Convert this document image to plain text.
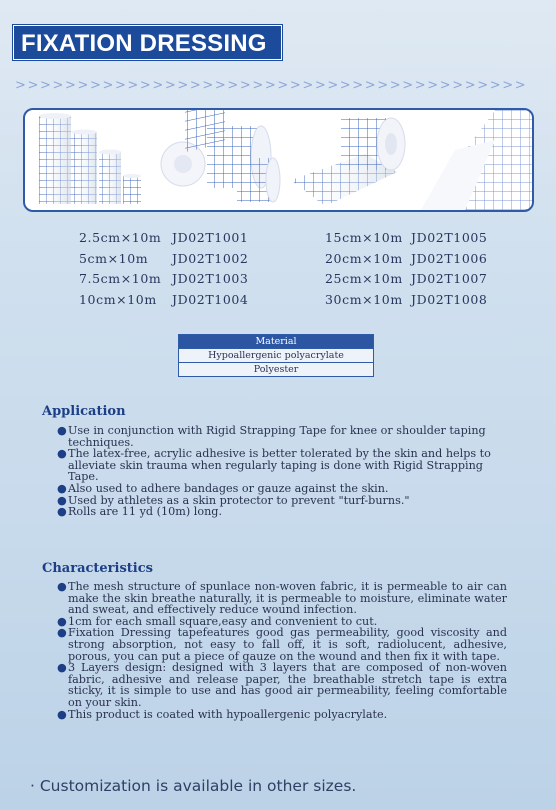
FIXATION DRESSING
>>>>>>>>>>>>>>>>>>>>>>>>>>>>>>>>>>>>>>>>>
2.5cm×10m JD02T1001
5cm×10m JD02T1002
7.5cm×10m JD02T1003
10cm×10m JD02T1004
15cm×10m JD02T1005
20cm×10m JD02T1006
25cm×10m JD02T1007
30cm×10m JD02T1008
Material
Hypoallergenic polyacrylate
Polyester
Application
● Use in conjunction with Rigid Strapping Tape for knee or shoulder taping techniques.
● The latex-free, acrylic adhesive is better tolerated by the skin and helps to alleviate skin trauma when regularly taping is done with Rigid Strapping Tape.
● Also used to adhere bandages or gauze against the skin.
● Used by athletes as a skin protector to prevent "turf-burns."
● Rolls are 11 yd (10m) long.
Characteristics
● The mesh structure of spunlace non-woven fabric, it is permeable to air can make the skin breathe naturally, it is permeable to moisture, eliminate water and sweat, and effectively reduce wound infection.
● 1cm for each small square,easy and convenient to cut.
● Fixation Dressing tapefeatures good gas permeability, good viscosity and strong absorption, not easy to fall off, it is soft, radiolucent, adhesive, porous, you can put a piece of gauze on the wound and then fix it with tape.
● 3 Layers design: designed with 3 layers that are composed of non-woven fabric, adhesive and release paper, the breathable stretch tape is extra sticky, it is simple to use and has good air permeability, feeling comfortable on your skin.
● This product is coated with hypoallergenic polyacrylate.
· Customization is available in other sizes.
